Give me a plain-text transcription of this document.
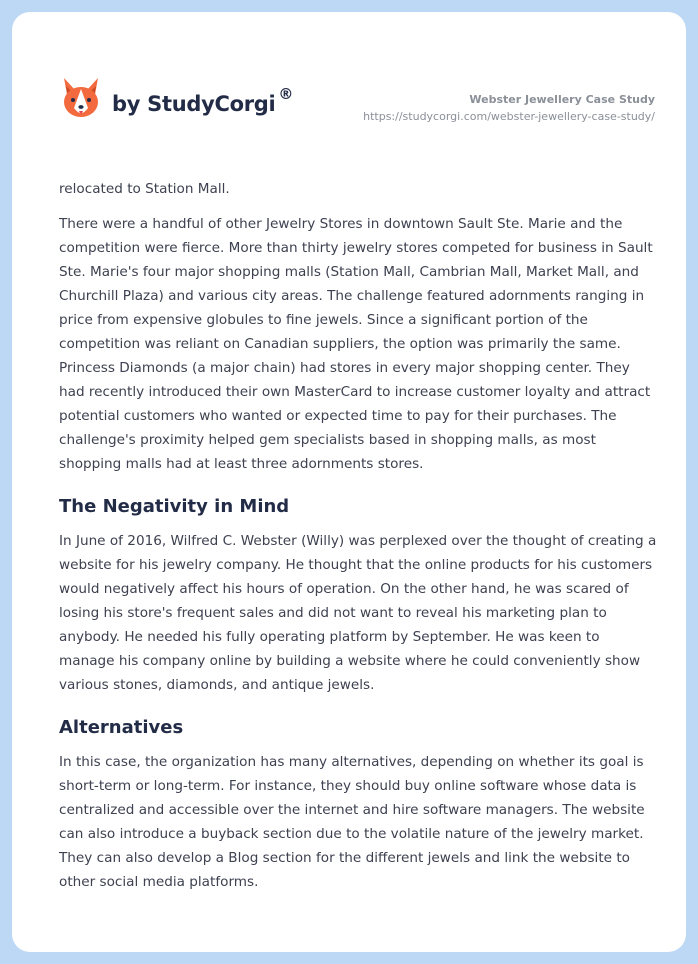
by StudyCorgi ®	Webster Jewellery Case Study
https://studycorgi.com/webster-jewellery-case-study/

relocated to Station Mall.

There were a handful of other Jewelry Stores in downtown Sault Ste. Marie and the competition were fierce. More than thirty jewelry stores competed for business in Sault Ste. Marie's four major shopping malls (Station Mall, Cambrian Mall, Market Mall, and Churchill Plaza) and various city areas. The challenge featured adornments ranging in price from expensive globules to fine jewels. Since a significant portion of the competition was reliant on Canadian suppliers, the option was primarily the same. Princess Diamonds (a major chain) had stores in every major shopping center. They had recently introduced their own MasterCard to increase customer loyalty and attract potential customers who wanted or expected time to pay for their purchases. The challenge's proximity helped gem specialists based in shopping malls, as most shopping malls had at least three adornments stores.

The Negativity in Mind

In June of 2016, Wilfred C. Webster (Willy) was perplexed over the thought of creating a website for his jewelry company. He thought that the online products for his customers would negatively affect his hours of operation. On the other hand, he was scared of losing his store's frequent sales and did not want to reveal his marketing plan to anybody. He needed his fully operating platform by September. He was keen to manage his company online by building a website where he could conveniently show various stones, diamonds, and antique jewels.

Alternatives

In this case, the organization has many alternatives, depending on whether its goal is short-term or long-term. For instance, they should buy online software whose data is centralized and accessible over the internet and hire software managers. The website can also introduce a buyback section due to the volatile nature of the jewelry market. They can also develop a Blog section for the different jewels and link the website to other social media platforms.
